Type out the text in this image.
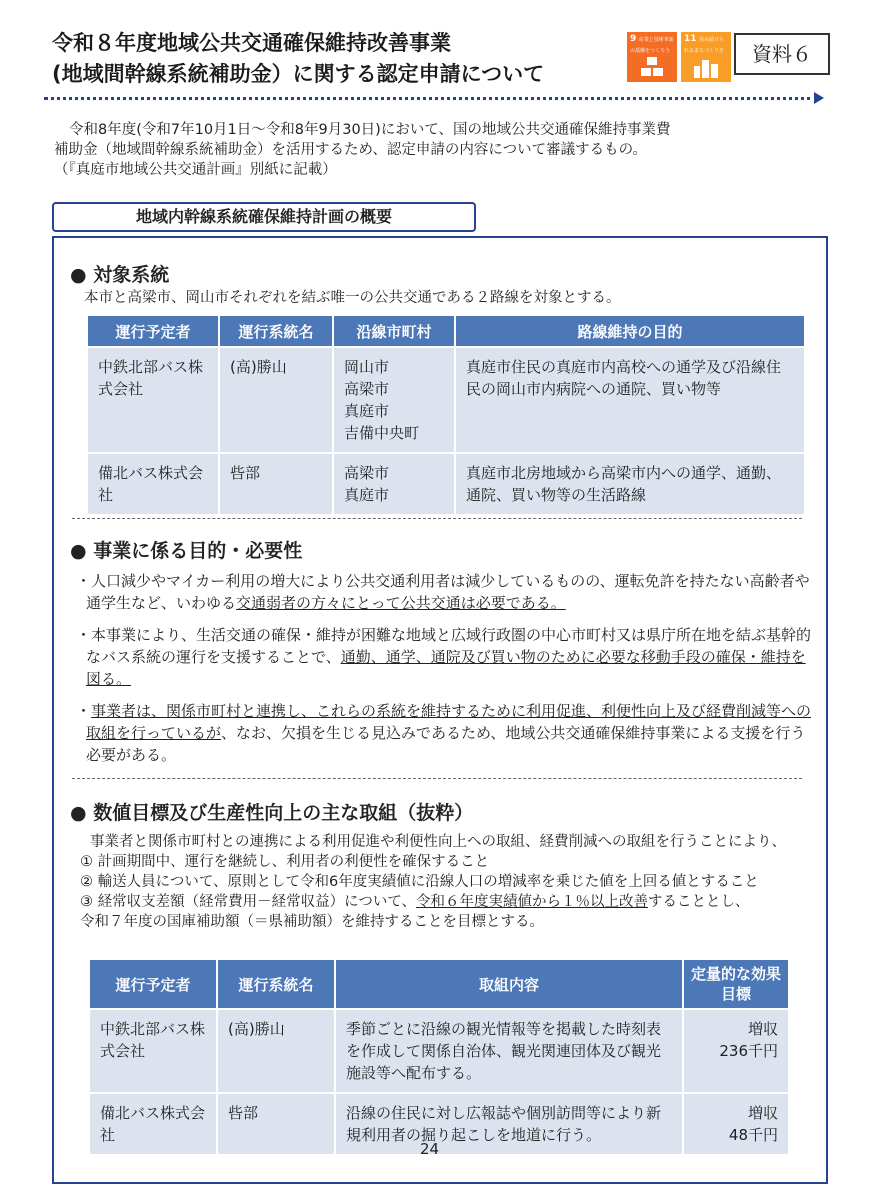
令和８年度地域公共交通確保維持改善事業
(地域間幹線系統補助金）に関する認定申請について
9 産業と技術革新の基盤をつくろう
11 住み続けられるまちづくりを	資料６

令和8年度(令和7年10月1日～令和8年9月30日)において、国の地域公共交通確保維持事業費

補助金（地域間幹線系統補助金）を活用するため、認定申請の内容について審議するもの。

（『真庭市地域公共交通計画』別紙に記載）

地域内幹線系統確保維持計画の概要
● 対象系統
本市と高梁市、岡山市それぞれを結ぶ唯一の公共交通である２路線を対象とする。
運行予定者	運行系統名	沿線市町村	路線維持の目的
中鉄北部バス株式会社	(高)勝山	岡山市
高梁市
真庭市
吉備中央町	真庭市住民の真庭市内高校への通学及び沿線住民の岡山市内病院への通院、買い物等
備北バス株式会社	呰部	高梁市
真庭市	真庭市北房地域から高梁市内への通学、通勤、通院、買い物等の生活路線
● 事業に係る目的・必要性

・人口減少やマイカー利用の増大により公共交通利用者は減少しているものの、運転免許を持たない高齢者や通学生など、いわゆる交通弱者の方々にとって公共交通は必要である。

・本事業により、生活交通の確保・維持が困難な地域と広域行政圏の中心市町村又は県庁所在地を結ぶ基幹的なバス系統の運行を支援することで、通勤、通学、通院及び買い物のために必要な移動手段の確保・維持を図る。

・事業者は、関係市町村と連携し、これらの系統を維持するために利用促進、利便性向上及び経費削減等への取組を行っているが、なお、欠損を生じる見込みであるため、地域公共交通確保維持事業による支援を行う必要がある。

● 数値目標及び生産性向上の主な取組（抜粋）

事業者と関係市町村との連携による利用促進や利便性向上への取組、経費削減への取組を行うことにより、

① 計画期間中、運行を継続し、利用者の利便性を確保すること

② 輸送人員について、原則として令和6年度実績値に沿線人口の増減率を乗じた値を上回る値とすること

③ 経常収支差額（経常費用－経常収益）について、令和６年度実績値から１％以上改善することとし、

令和７年度の国庫補助額（＝県補助額）を維持することを目標とする。

運行予定者	運行系統名	取組内容	定量的な効果目標
中鉄北部バス株式会社	(高)勝山	季節ごとに沿線の観光情報等を掲載した時刻表を作成して関係自治体、観光関連団体及び観光施設等へ配布する。	増収
236千円

備北バス株式会社	呰部	沿線の住民に対し広報誌や個別訪問等により新規利用者の掘り起こしを地道に行う。	増収
48千円
24
